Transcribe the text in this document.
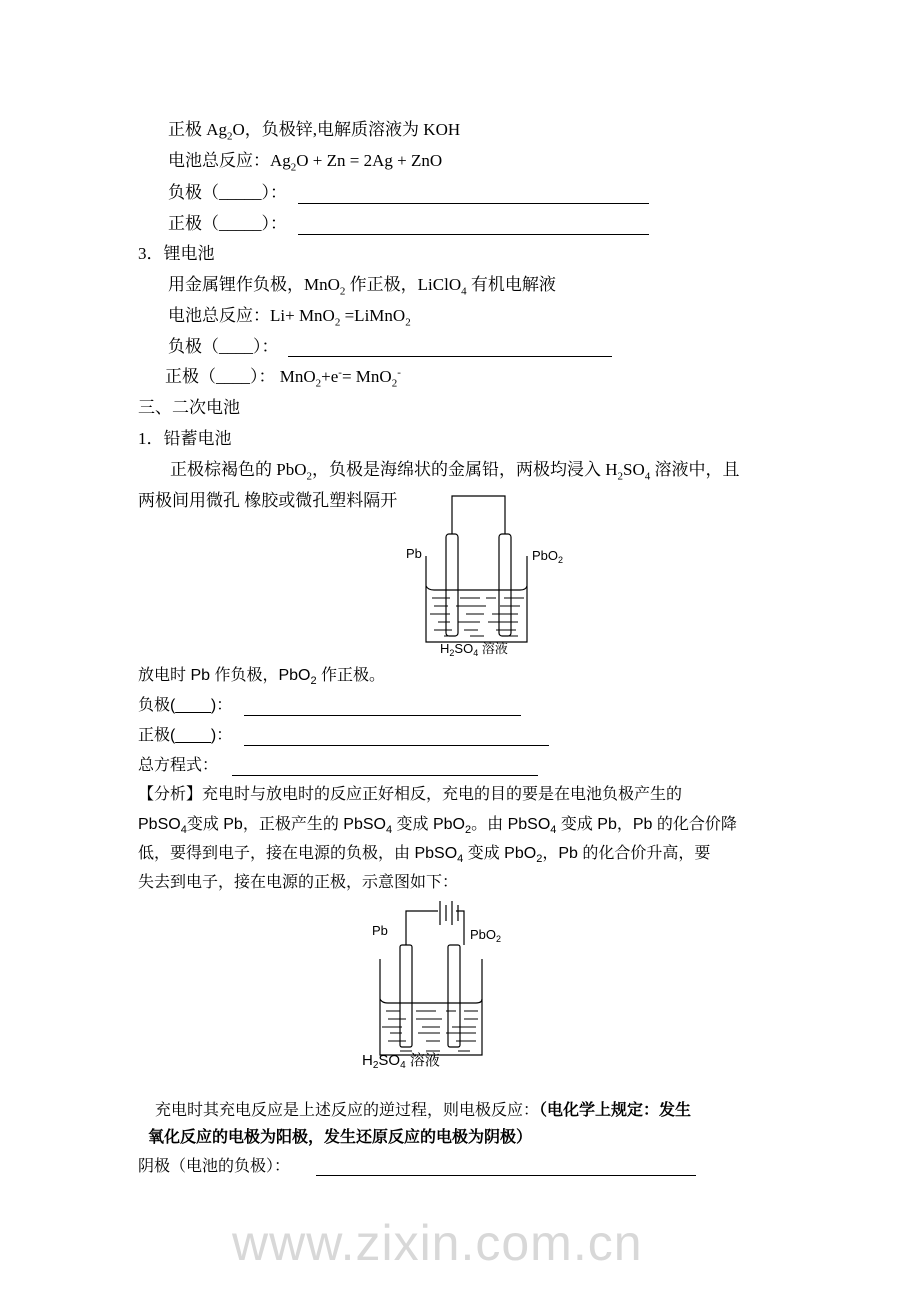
www.zixin.com.cn
正极 $Ag_2O$，负极锌,电解质溶液为 KOH
电池总反应：$Ag_2O + Zn = 2Ag$ + ZnO
负极（_____）：
正极（_____）：
3．锂电池
用金属锂作负极，MnO$_2$ 作正极，LiClO$_4$ 有机电解液
电池总反应：Li+ MnO$_2$ =LiMnO$_2$
负极（____）：
正极（____）： MnO$_2$+e-= MnO$_2$-
三、二次电池
1．铅蓄电池
正极棕褐色的 PbO$_2$，负极是海绵状的金属铅，两极均浸入 $H_2SO_4$ 溶液中，且
两极间用微孔 橡胶或微孔塑料隔开
Pb	PbO$_2$
$H_2SO_4$ 溶液
放电时 Pb 作负极，PbO$_2$ 作正极。
负极(____)：
正极(____)：
总方程式：
【分析】充电时与放电时的反应正好相反，充电的目的要是在电池负极产生的
PbSO$_4$变成 Pb，正极产生的 PbSO$_4$ 变成 PbO$_2$。由 PbSO$_4$ 变成 Pb，Pb 的化合价降
低，要得到电子，接在电源的负极，由 PbSO$_4$ 变成 PbO$_2$，Pb 的化合价升高，要
失去到电子，接在电源的正极，示意图如下：
Pb	PbO$_2$
$H_2SO_4$ 溶液
充电时其充电反应是上述反应的逆过程，则电极反应：（电化学上规定：发生
氧化反应的电极为阳极，发生还原反应的电极为阴极）
阴极（电池的负极）：
